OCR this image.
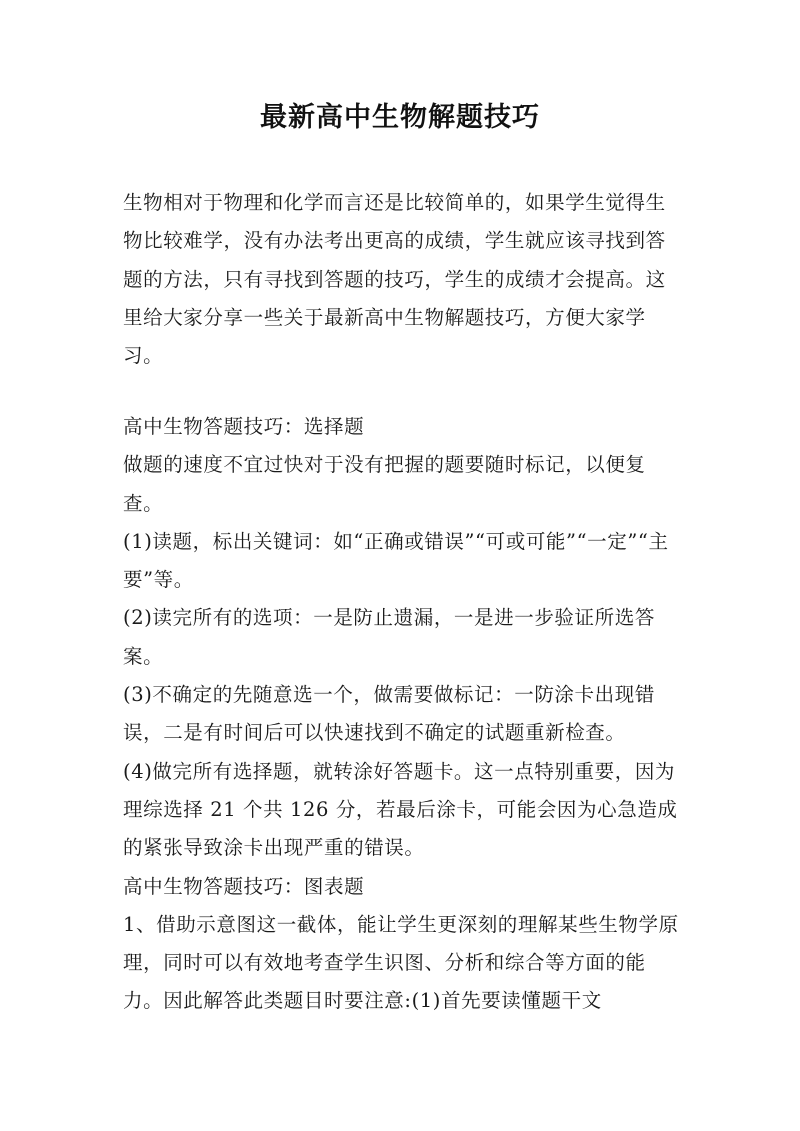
最新高中生物解题技巧

生物相对于物理和化学而言还是比较简单的，如果学生觉得生物比较难学，没有办法考出更高的成绩，学生就应该寻找到答题的方法，只有寻找到答题的技巧，学生的成绩才会提高。这里给大家分享一些关于最新高中生物解题技巧，方便大家学习。

高中生物答题技巧：选择题

做题的速度不宜过快对于没有把握的题要随时标记，以便复查。

(1)读题，标出关键词：如“正确或错误”“可或可能”“一定”“主要”等。

(2)读完所有的选项：一是防止遗漏，一是进一步验证所选答案。

(3)不确定的先随意选一个，做需要做标记：一防涂卡出现错误，二是有时间后可以快速找到不确定的试题重新检查。

(4)做完所有选择题，就转涂好答题卡。这一点特别重要，因为理综选择 21 个共 126 分，若最后涂卡，可能会因为心急造成的紧张导致涂卡出现严重的错误。

高中生物答题技巧：图表题

1、借助示意图这一截体，能让学生更深刻的理解某些生物学原理，同时可以有效地考查学生识图、分析和综合等方面的能力。因此解答此类题目时要注意:(1)首先要读懂题干文
